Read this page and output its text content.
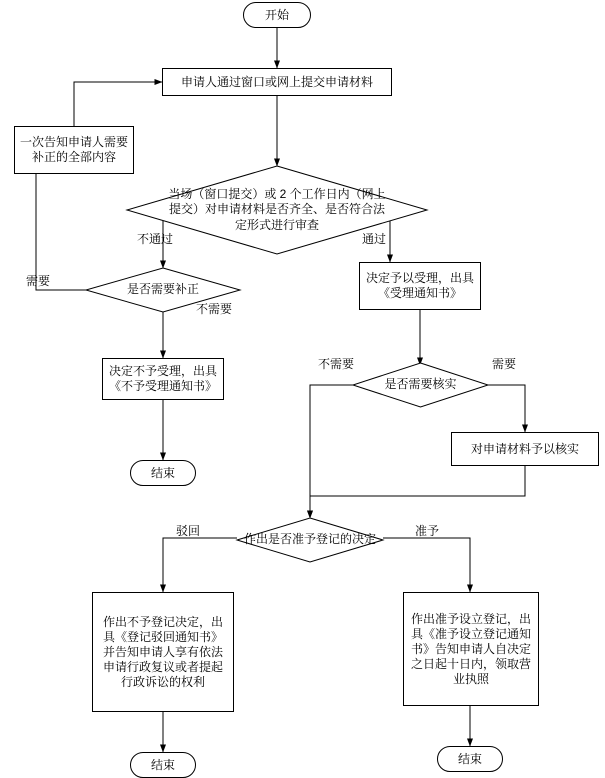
开始
申请人通过窗口或网上提交申请材料
一次告知申请人需要补正的全部内容
当场（窗口提交）或 2 个工作日内（网上提交）对申请材料是否齐全、是否符合法定形式进行审查
是否需要补正
决定不予受理，出具《不予受理通知书》
结束
决定予以受理，出具《受理通知书》
是否需要核实
对申请材料予以核实
作出是否准予登记的决定
作出不予登记决定，出具《登记驳回通知书》并告知申请人享有依法申请行政复议或者提起行政诉讼的权利
作出准予设立登记，出具《准予设立登记通知书》告知申请人自决定之日起十日内，领取营业执照
结束
结束
不通过	通过
需要
不需要
不需要	需要
驳回	准予
